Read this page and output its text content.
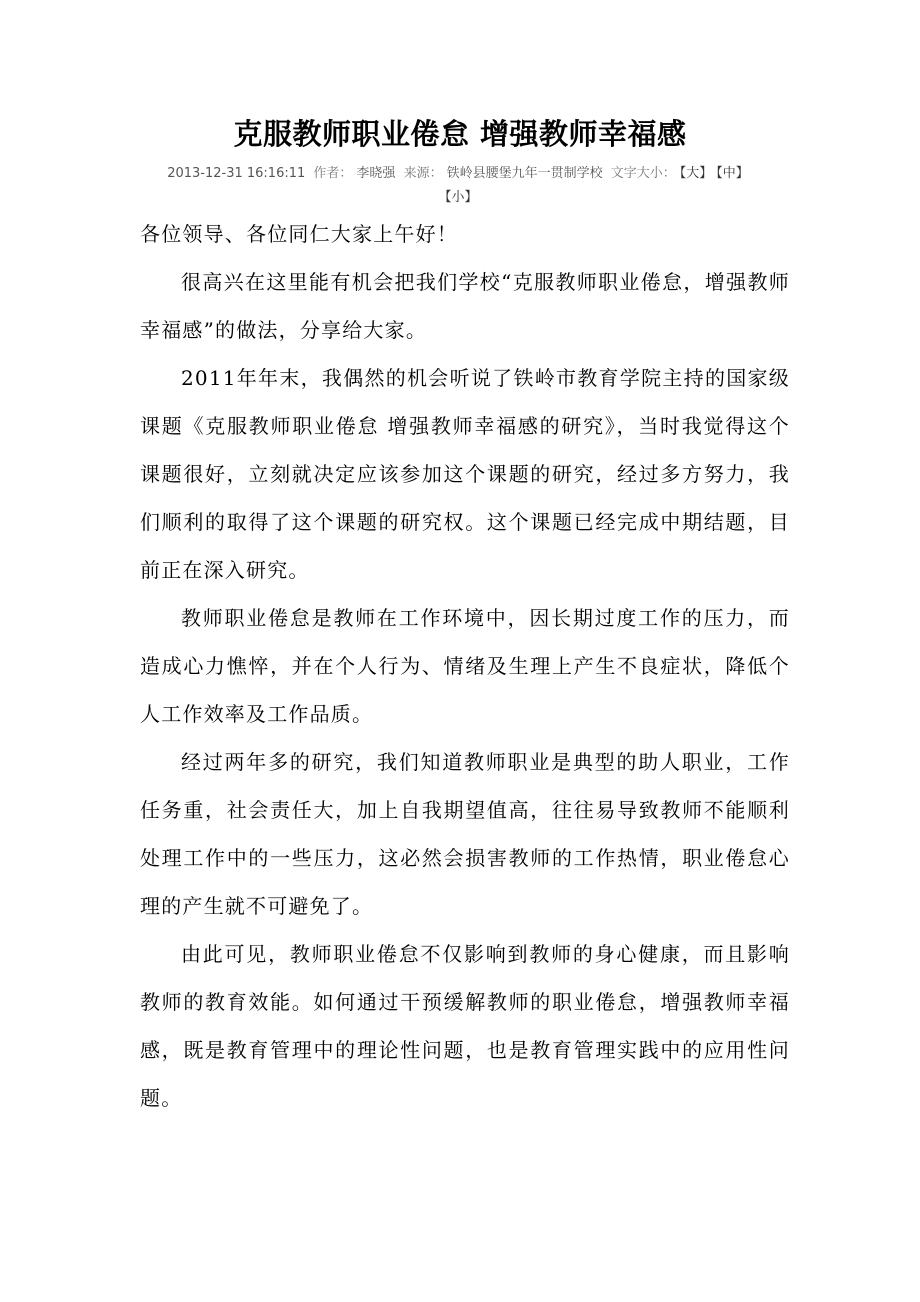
克服教师职业倦怠 增强教师幸福感
2013-12-31 16:16:11 作者： 李晓强 来源： 铁岭县腰堡九年一贯制学校 文字大小： 【大】 【中】
【小】

各位领导、各位同仁大家上午好！

很高兴在这里能有机会把我们学校“克服教师职业倦怠，增强教师幸福感”的做法，分享给大家。

2011年年末，我偶然的机会听说了铁岭市教育学院主持的国家级课题《克服教师职业倦怠 增强教师幸福感的研究》，当时我觉得这个课题很好，立刻就决定应该参加这个课题的研究，经过多方努力，我们顺利的取得了这个课题的研究权。这个课题已经完成中期结题，目前正在深入研究。

教师职业倦怠是教师在工作环境中，因长期过度工作的压力，而造成心力憔悴，并在个人行为、情绪及生理上产生不良症状，降低个人工作效率及工作品质。

经过两年多的研究，我们知道教师职业是典型的助人职业，工作任务重，社会责任大，加上自我期望值高，往往易导致教师不能顺利处理工作中的一些压力，这必然会损害教师的工作热情，职业倦怠心理的产生就不可避免了。

由此可见，教师职业倦怠不仅影响到教师的身心健康，而且影响教师的教育效能。如何通过干预缓解教师的职业倦怠，增强教师幸福感，既是教育管理中的理论性问题，也是教育管理实践中的应用性问题。
